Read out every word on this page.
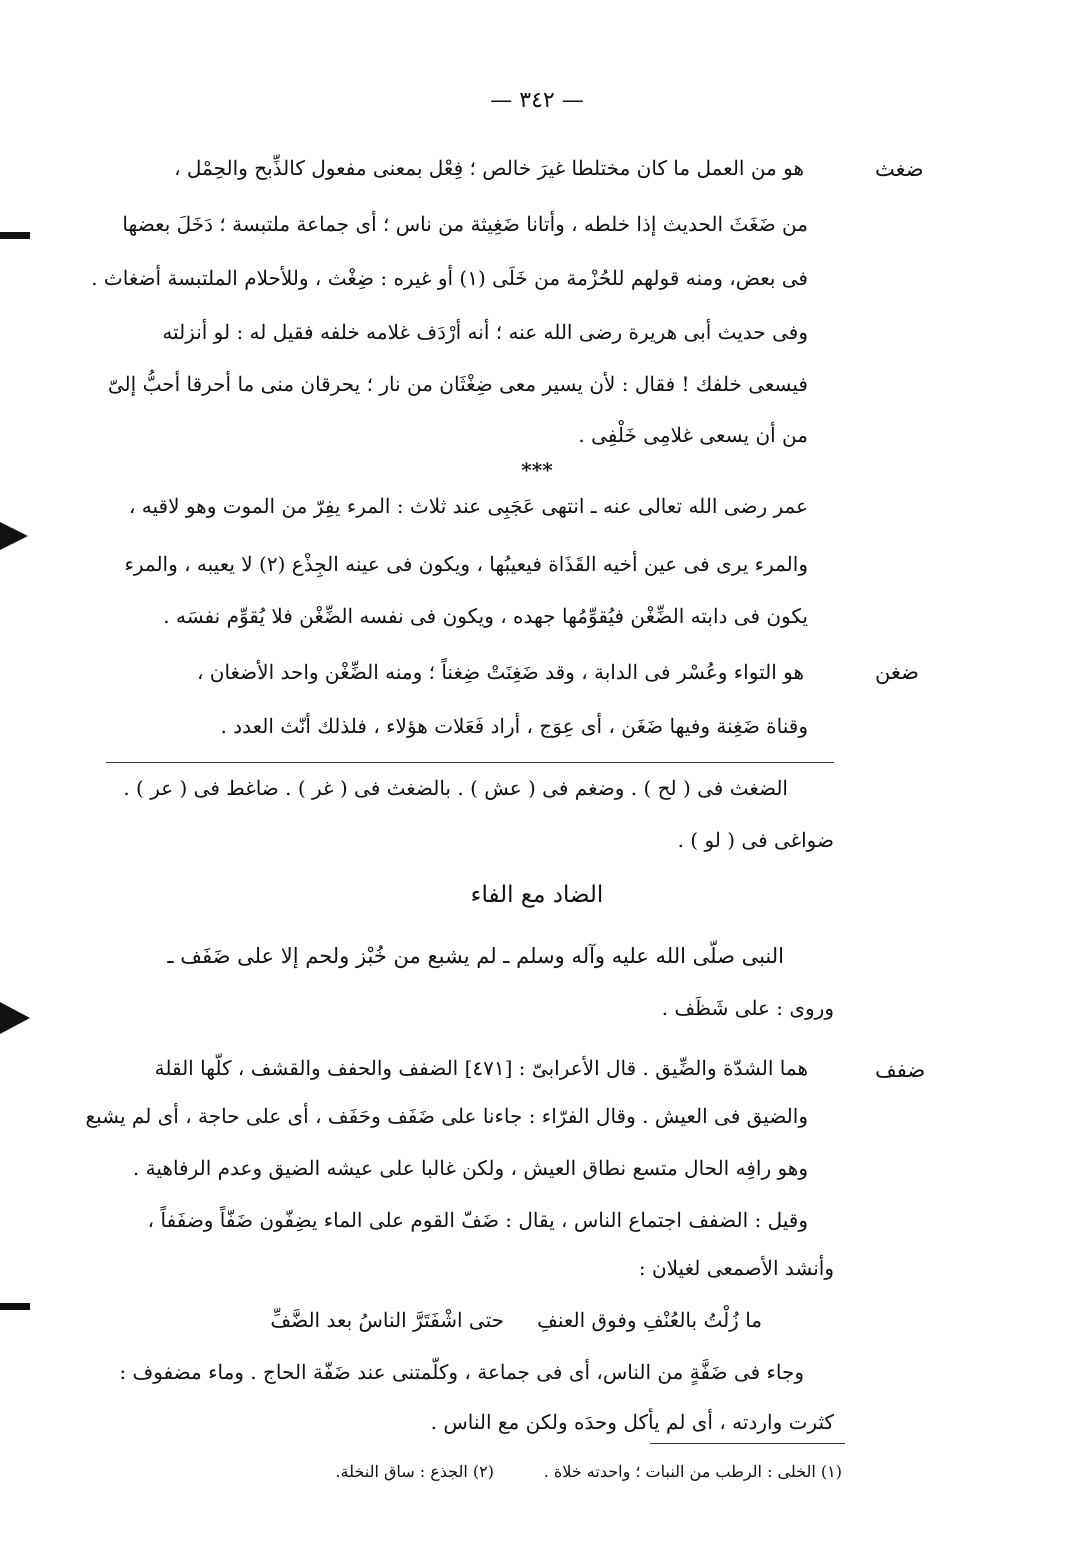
— ٣٤٢ —
ضغث
هو من العمل ما كان مختلطا غيرَ خالص ؛ فِعْل بمعنى مفعول كالذِّبح والحِمْل ،
من ضَغَثَ الحديث إذا خلطه ، وأتانا ضَغِيثة من ناس ؛ أى جماعة ملتبسة ؛ دَخَلَ بعضها
فى بعض، ومنه قولهم للحُزْمة من خَلَى (١) أو غيره : ضِغْث ، وللأحلام الملتبسة أضغاث .
وفى حديث أبى هريرة رضى الله عنه ؛ أنه أرْدَف غلامه خلفه فقيل له : لو أنزلته
فيسعى خلفك ! فقال : لأن يسير معى ضِغْثَان من نار ؛ يحرقان منى ما أحرقا أحبُّ إلىّ
من أن يسعى غلامِى خَلْفِى .
***
عمر رضى الله تعالى عنه ـ انتهى عَجَبِى عند ثلاث : المرء يفِرّ من الموت وهو لاقيه ،
والمرء يرى فى عين أخيه القَذَاة فيعيبُها ، ويكون فى عينه الجِذْع (٢) لا يعيبه ، والمرء
يكون فى دابته الضِّغْن فيُقوِّمُها جهده ، ويكون فى نفسه الضِّغْن فلا يُقوِّم نفسَه .
ضغن
هو التواء وعُسْر فى الدابة ، وقد ضَغِنَتْ ضِغناً ؛ ومنه الضِّغْن واحد الأضغان ،
وقناة ضَغِنة وفيها ضَغَن ، أى عِوَج ، أراد فَعَلات هؤلاء ، فلذلك أنّث العدد .
الضغث فى ( لح ) . وضغم فى ( عش ) . بالضغث فى ( غر ) . ضاغط فى ( عر ) .
ضواغى فى ( لو ) .
الضاد مع الفاء
النبى صلّى الله عليه وآله وسلم ـ لم يشبع من خُبْز ولحم إلا على ضَفَف ـ
وروى : على شَظَف .
ضفف
هما الشدّة والضِّيق . قال الأعرابىّ : [٤٧١] الضفف والحفف والقشف ، كلّها القلة
والضيق فى العيش . وقال الفرّاء : جاءنا على ضَفَف وحَفَف ، أى على حاجة ، أى لم يشبع
وهو رافِه الحال متسع نطاق العيش ، ولكن غالبا على عيشه الضيق وعدم الرفاهية .
وقيل : الضفف اجتماع الناس ، يقال : ضَفّ القوم على الماء يضِفّون ضَفّاً وضفَفاً ،
وأنشد الأصمعى لغيلان :
ما زُلْتُ بالعُنْفِ وفوق العنفِ
حتى اشْفَتَرَّ الناسُ بعد الضَّفِّ
وجاء فى ضَفَّةٍ من الناس، أى فى جماعة ، وكلّمتنى عند ضَفّة الحاج . وماء مضفوف :
كثرت واردته ، أى لم يأكل وحدَه ولكن مع الناس .
(١) الخلى : الرطب من النبات ؛ واحدته خلاة .
(٢) الجذع : ساق النخلة.
